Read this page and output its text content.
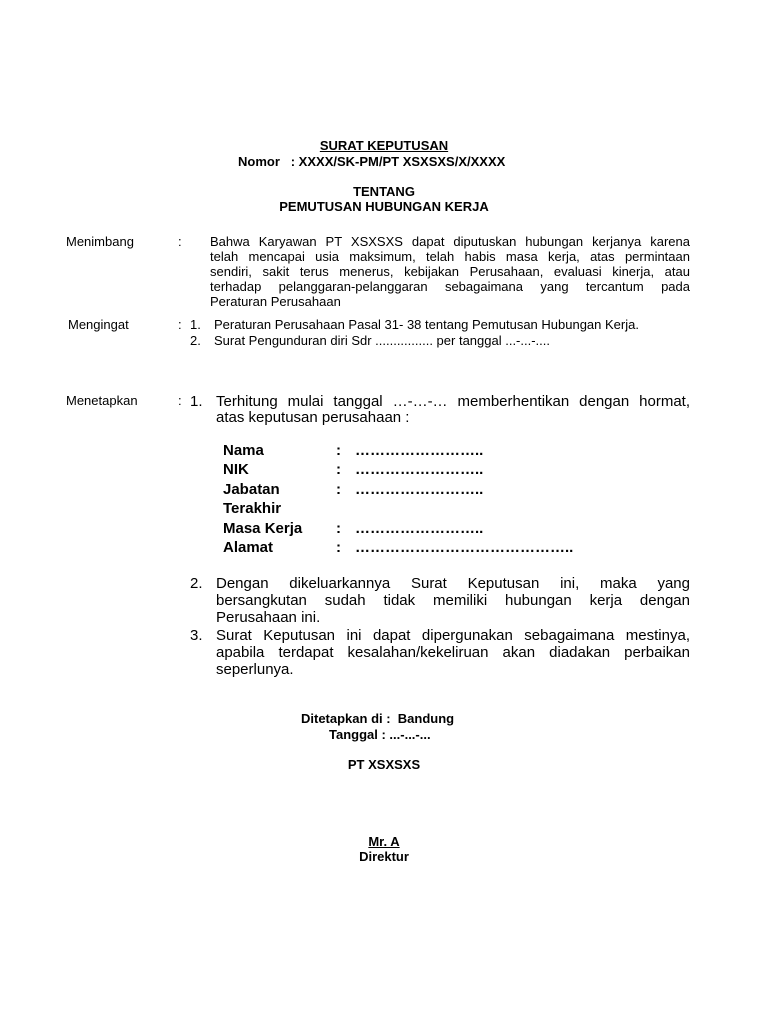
SURAT KEPUTUSAN
Nomor : XXXX/SK-PM/PT XSXSXS/X/XXXX
TENTANG
PEMUTUSAN HUBUNGAN KERJA
Menimbang	: Bahwa Karyawan PT XSXSXS dapat diputuskan hubungan kerjanya karena
telah mencapai usia maksimum, telah habis masa kerja, atas permintaan
sendiri, sakit terus menerus, kebijakan Perusahaan, evaluasi kinerja, atau
terhadap pelanggaran-pelanggaran sebagaimana yang tercantum pada
Peraturan Perusahaan
Mengingat	: 1. Peraturan Perusahaan Pasal 31- 38 tentang Pemutusan Hubungan Kerja.
2. Surat Pengunduran diri Sdr ................ per tanggal ...-...-....
Menetapkan	: 1. Terhitung mulai tanggal …-…-… memberhentikan dengan hormat,
atas keputusan perusahaan :
Nama	: ……………………..
NIK	: ……………………..
Jabatan	: ……………………..
Terakhir
Masa Kerja : ……………………..
Alamat	: ……………………………………..
2. Dengan dikeluarkannya Surat Keputusan ini, maka yang
bersangkutan sudah tidak memiliki hubungan kerja dengan
Perusahaan ini.
3. Surat Keputusan ini dapat dipergunakan sebagaimana mestinya,
apabila terdapat kesalahan/kekeliruan akan diadakan perbaikan
seperlunya.
Ditetapkan di :  Bandung
Tanggal : ...-...-...
PT XSXSXS
Mr. A
Direktur
